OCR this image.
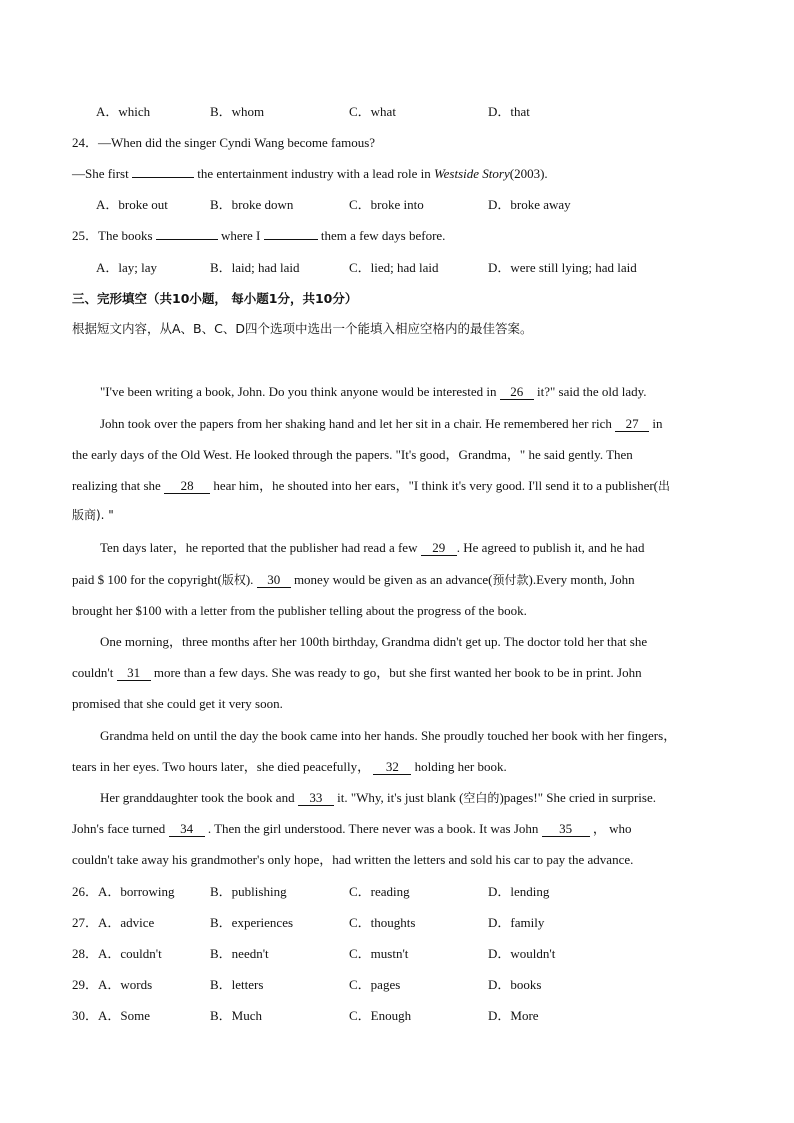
A．which	B．whom	C．what	D．that
24．—When did the singer Cyndi Wang become famous?
—She first	the entertainment industry with a lead role in Westside Story(2003).
A．broke out	B．broke down	C．broke into	D．broke away
25．The books	where I	them a few days before.
A．lay; lay	B．laid; had laid	C．lied; had laid	D．were still lying; had laid
三、完形填空（共10小题， 每小题1分，共10分）
根据短文内容，从A、B、C、D四个选项中选出一个能填入相应空格内的最佳答案。
"I've been writing a book, John. Do you think anyone would be interested in 26 it?" said the old lady.
John took over the papers from her shaking hand and let her sit in a chair. He remembered her rich 27 in
the early days of the Old West. He looked through the papers. "It's good，Grandma，" he said gently. Then
realizing that she 28 hear him，he shouted into her ears，"I think it's very good. I'll send it to a publisher(出
版商). "
Ten days later，he reported that the publisher had read a few 29 . He agreed to publish it, and he had
paid $ 100 for the copyright(版权). 30 money would be given as an advance(预付款).Every month, John
brought her $100 with a letter from the publisher telling about the progress of the book.
One morning，three months after her 100th birthday, Grandma didn't get up. The doctor told her that she
couldn't 31 more than a few days. She was ready to go，but she first wanted her book to be in print. John
promised that she could get it very soon.
Grandma held on until the day the book came into her hands. She proudly touched her book with her fingers，
tears in her eyes. Two hours later，she died peacefully， 32 holding her book.
Her granddaughter took the book and 33 it. "Why, it's just blank (空白的)pages!" She cried in surprise.
John's face turned 34 . Then the girl understood. There never was a book. It was John 35 ， who
couldn't take away his grandmother's only hope，had written the letters and sold his car to pay the advance.
26．A．borrowing	B．publishing	C．reading	D．lending
27．A．advice	B．experiences	C．thoughts	D．family
28．A．couldn't	B．needn't	C．mustn't	D．wouldn't
29．A．words	B．letters	C．pages	D．books
30．A．Some	B．Much	C．Enough	D．More
